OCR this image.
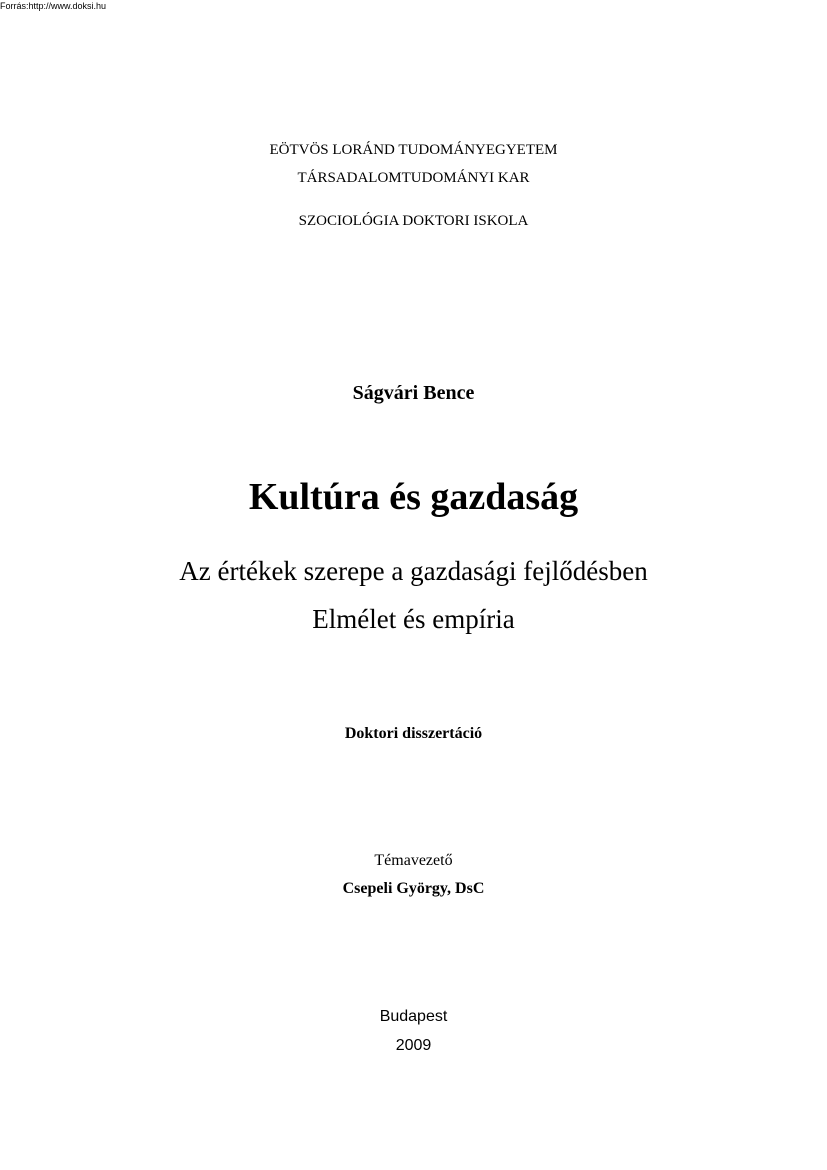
Forrás:http://www.doksi.hu
EÖTVÖS LORÁND TUDOMÁNYEGYETEM
TÁRSADALOMTUDOMÁNYI KAR
SZOCIOLÓGIA DOKTORI ISKOLA
Ságvári Bence
Kultúra és gazdaság
Az értékek szerepe a gazdasági fejlődésben
Elmélet és empíria
Doktori disszertáció
Témavezető
Csepeli György, DsC
Budapest
2009
